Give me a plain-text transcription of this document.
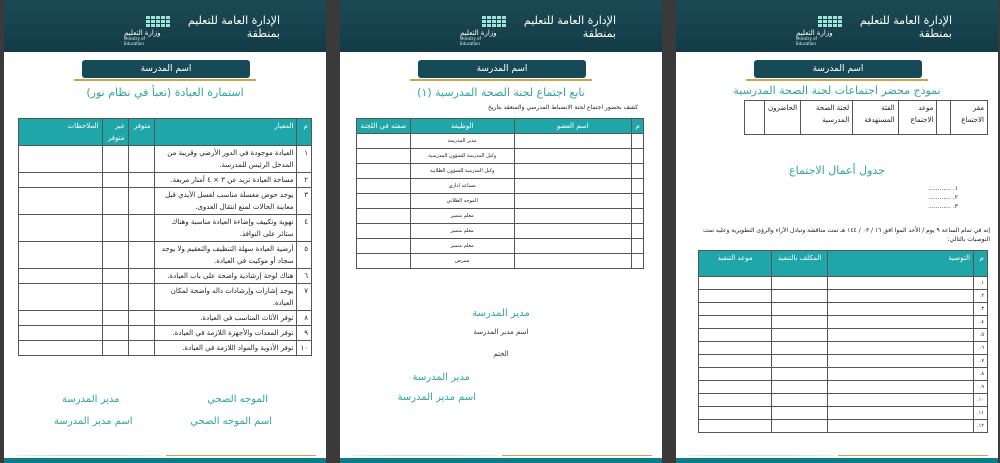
الإدارة العامة للتعليم
بمنطقة
وزارة التعليم
Ministry of Education
اسم المدرسة
استمارة العيادة (تعبأ في نظام نور)
م	المعيار	متوفر	غير متوفر	الملاحظات
١	العيادة موجودة في الدور الأرضي وقريبة من المدخل الرئيس للمدرسة.			
٢	مساحة العيادة تزيد عن ٣ × ٤ أمتار مربعة.			
٣	يوجد حوض مغسلة مناسب لغسل الأيدي قبل معاينة الحالات لمنع انتقال العدوى.			
٤	تهوية وتكييف وإضاءة العيادة مناسبة وهناك ستائر على النوافذ.			
٥	أرضية العيادة سهلة التنظيف والتعقيم ولا يوجد سجاد أو موكيت في العيادة.			
٦	هناك لوحة إرشادية واضحة على باب العيادة.			
٧	يوجد إشارات وإرشادات داله واضحة لمكان العيادة.			
٨	توفر الأثاث المناسب في العيادة.			
٩	توفر المعدات والأجهزة اللازمة في العيادة.			
١٠	توفر الأدوية والمواد اللازمة في العيادة.			
الموجه الصحي
اسم الموجه الصحي
مدير المدرسة
اسم مدير المدرسة
الإدارة العامة للتعليم
بمنطقة
وزارة التعليم
Ministry of Education
اسم المدرسة
تابع اجتماع لجنة الصحة المدرسية (١)
كشف بحضور اجتماع لجنة الانضباط المدرسي والمنعقد بتاريخ
م	اسم العضو	الوظيفة	صفته في اللجنة
		مدير المدرسة	
		وكيل المدرسة للشؤون المدرسية	
		وكيل المدرسة للشؤون الطلابية	
		مساعد اداري	
		الموجه الطلابي	
		معلم متميز	
		معلم متميز	
		معلم متميز	
		ممرض	
مدير المدرسة
اسم مدير المدرسة
الختم
مدير المدرسة
اسم مدير المدرسة
الإدارة العامة للتعليم
بمنطقة
وزارة التعليم
Ministry of Education
اسم المدرسة
نموذج محضر اجتماعات لجنة الصحة المدرسية
مقر الاجتماع		موعد الاجتماع	الفئة المستهدفة	لجنة الصحة المدرسية	الحاضرون	
جدول أعمال الاجتماع
١. ............
٢. ............
٣. ............
إنه في تمام الساعة ٩ يوم / الأحد الموا افق ١٦ / ٠٣ / ١٤٤ هـ تمت مناقشة وتبادل الآراء والرؤى التطويرية وعليه تمت التوصيات بالتالي:
م	التوصية	المكلف بالتنفيذ	موعد التنفيذ
١.			
٢.			
٣.			
٤.			
٥.			
٦.			
٧.			
٨.			
٩.			
١٠.			
١١.			
١٢.			
